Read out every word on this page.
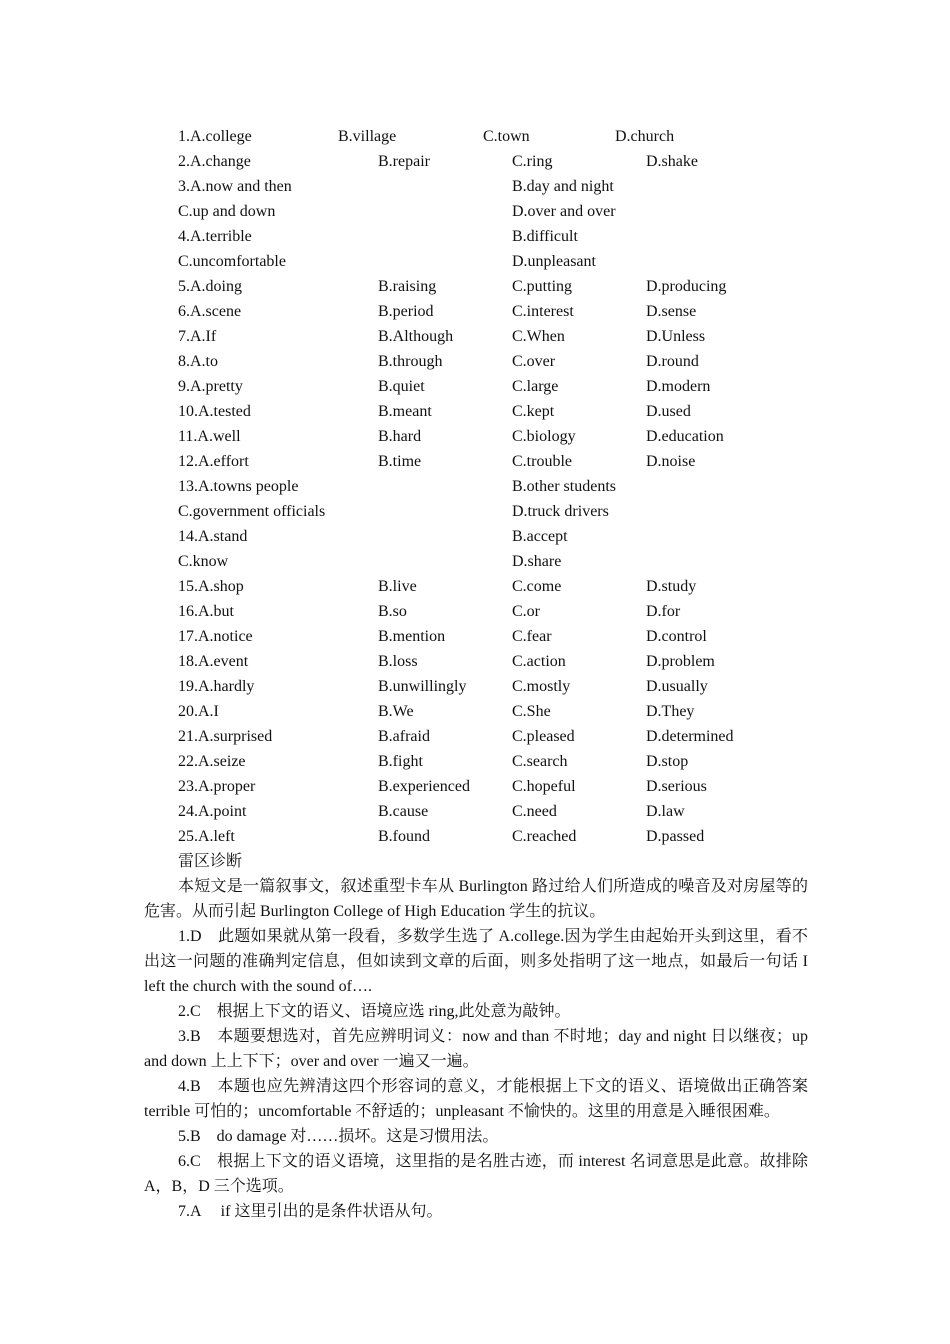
1.A.college	B.village	C.town	D.church
2.A.change	B.repair	C.ring	D.shake
3.A.now and then	B.day and night
C.up and down	D.over and over
4.A.terrible	B.difficult
C.uncomfortable	D.unpleasant
5.A.doing	B.raising	C.putting	D.producing
6.A.scene	B.period	C.interest	D.sense
7.A.If	B.Although	C.When	D.Unless
8.A.to	B.through	C.over	D.round
9.A.pretty	B.quiet	C.large	D.modern
10.A.tested	B.meant	C.kept	D.used
11.A.well	B.hard	C.biology	D.education
12.A.effort	B.time	C.trouble	D.noise
13.A.towns people	B.other students
C.government officials	D.truck drivers
14.A.stand	B.accept
C.know	D.share
15.A.shop	B.live	C.come	D.study
16.A.but	B.so	C.or	D.for
17.A.notice	B.mention	C.fear	D.control
18.A.event	B.loss	C.action	D.problem
19.A.hardly	B.unwillingly	C.mostly	D.usually
20.A.I	B.We	C.She	D.They
21.A.surprised	B.afraid	C.pleased	D.determined
22.A.seize	B.fight	C.search	D.stop
23.A.proper	B.experienced	C.hopeful	D.serious
24.A.point	B.cause	C.need	D.law
25.A.left	B.found	C.reached	D.passed
雷区诊断
本短文是一篇叙事文，叙述重型卡车从 Burlington 路过给人们所造成的噪音及对房屋等的危害。从而引起 Burlington College of High Education 学生的抗议。
1.D　此题如果就从第一段看，多数学生选了 A.college.因为学生由起始开头到这里，看不出这一问题的准确判定信息，但如读到文章的后面，则多处指明了这一地点，如最后一句话 I left the church with the sound of….
2.C　根据上下文的语义、语境应选 ring,此处意为敲钟。
3.B　本题要想选对，首先应辨明词义：now and than 不时地；day and night 日以继夜；up and down 上上下下；over and over 一遍又一遍。
4.B　本题也应先辨清这四个形容词的意义，才能根据上下文的语义、语境做出正确答案 terrible 可怕的；uncomfortable 不舒适的；unpleasant 不愉快的。这里的用意是入睡很困难。
5.B　do damage 对……损坏。这是习惯用法。
6.C　根据上下文的语义语境，这里指的是名胜古迹，而 interest 名词意思是此意。故排除 A，B，D 三个选项。
7.A　 if 这里引出的是条件状语从句。
